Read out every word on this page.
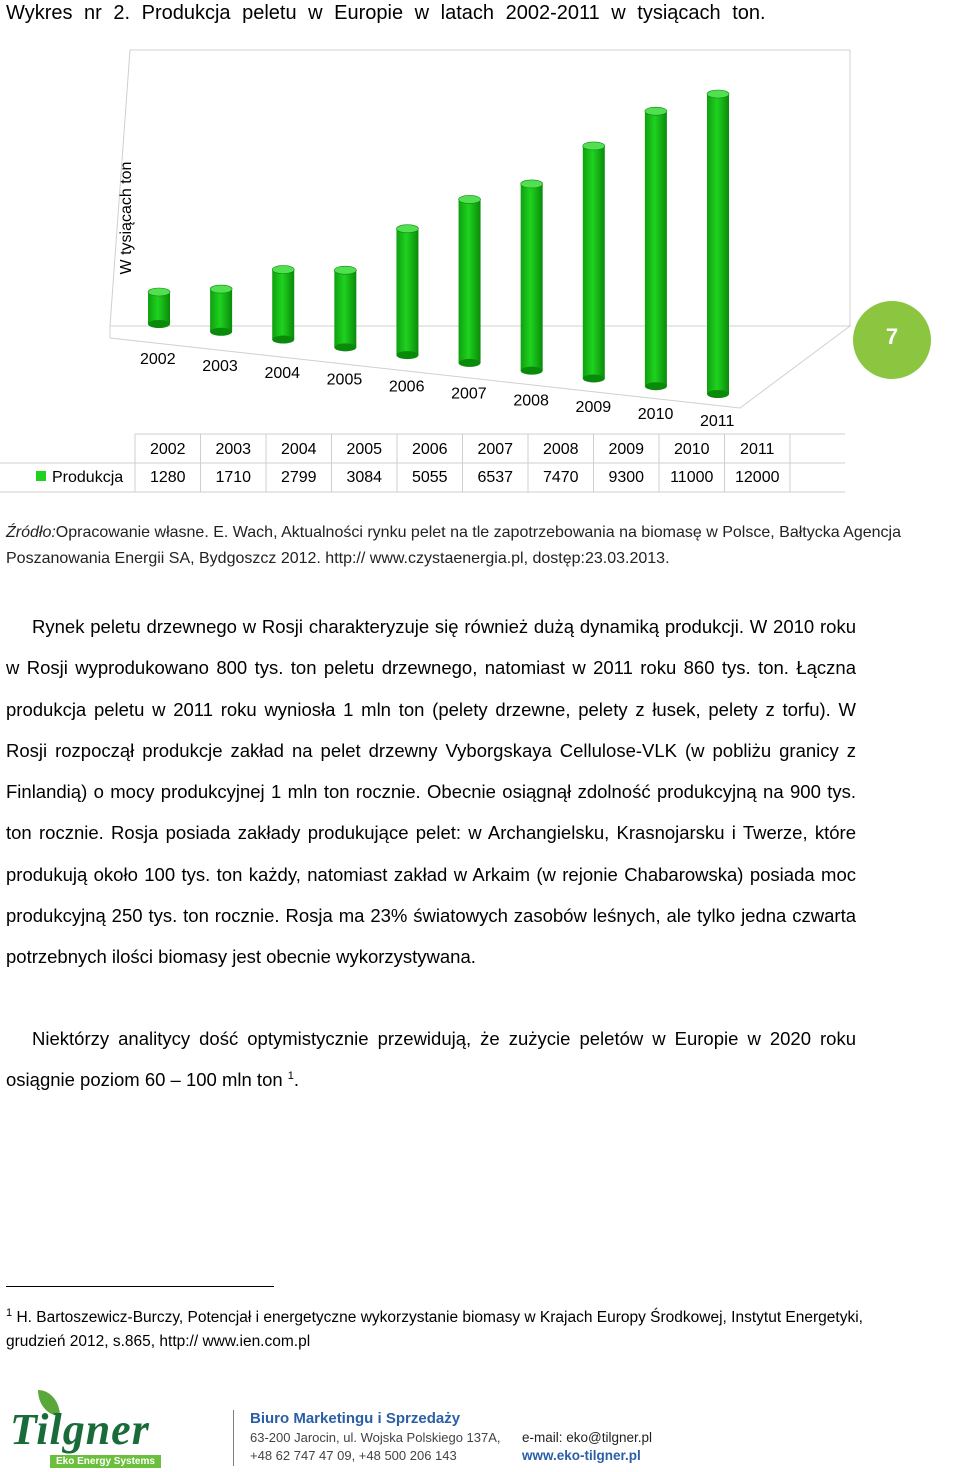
Wykres nr 2. Produkcja peletu w Europie w latach 2002-2011 w tysiącach ton.
W tysiącach ton
2002 2003 2004 2005 2006 2007 2008 2009 2010 2011
2002 2003 2004 2005 2006 2007 2008 2009 2010 2011
Produkcja 1280 1710 2799 3084 5055 6537 7470 9300 11000 12000
7
Źródło:Opracowanie własne. E. Wach, Aktualności rynku pelet na tle zapotrzebowania na biomasę w Polsce, Bałtycka Agencja Poszanowania Energii SA, Bydgoszcz 2012. http:// www.czystaenergia.pl, dostęp:23.03.2013.
Rynek peletu drzewnego w Rosji charakteryzuje się również dużą dynamiką produkcji. W 2010 roku w Rosji wyprodukowano 800 tys. ton peletu drzewnego, natomiast w 2011 roku 860 tys. ton. Łączna produkcja peletu w 2011 roku wyniosła 1 mln ton (pelety drzewne, pelety z łusek, pelety z torfu). W Rosji rozpoczął produkcje zakład na pelet drzewny Vyborgskaya Cellulose-VLK (w pobliżu granicy z Finlandią) o mocy produkcyjnej 1 mln ton rocznie. Obecnie osiągnął zdolność produkcyjną na 900 tys. ton rocznie. Rosja posiada zakłady produkujące pelet: w Archangielsku, Krasnojarsku i Twerze, które produkują około 100 tys. ton każdy, natomiast zakład w Arkaim (w rejonie Chabarowska) posiada moc produkcyjną 250 tys. ton rocznie. Rosja ma 23% światowych zasobów leśnych, ale tylko jedna czwarta potrzebnych ilości biomasy jest obecnie wykorzystywana.
Niektórzy analitycy dość optymistycznie przewidują, że zużycie peletów w Europie w 2020 roku osiągnie poziom 60 – 100 mln ton $^1$.
$^1$ H. Bartoszewicz-Burczy, Potencjał i energetyczne wykorzystanie biomasy w Krajach Europy Środkowej, Instytut Energetyki, grudzień 2012, s.865, http:// www.ien.com.pl
Tilgner
Eko Energy Systems
Biuro Marketingu i Sprzedaży
63-200 Jarocin, ul. Wojska Polskiego 137A,
+48 62 747 47 09, +48 500 206 143
e-mail: eko@tilgner.pl
www.eko-tilgner.pl
